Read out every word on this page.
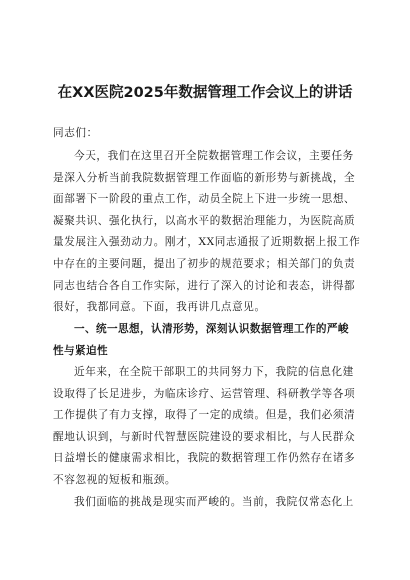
在XX医院2025年数据管理工作会议上的讲话
同志们：
今天，我们在这里召开全院数据管理工作会议，主要任务
是深入分析当前我院数据管理工作面临的新形势与新挑战，全
面部署下一阶段的重点工作，动员全院上下进一步统一思想、
凝聚共识、强化执行，以高水平的数据治理能力，为医院高质
量发展注入强劲动力。刚才，XX同志通报了近期数据上报工作
中存在的主要问题，提出了初步的规范要求；相关部门的负责
同志也结合各自工作实际，进行了深入的讨论和表态，讲得都
很好，我都同意。下面，我再讲几点意见。
一、统一思想，认清形势，深刻认识数据管理工作的严峻
性与紧迫性
近年来，在全院干部职工的共同努力下，我院的信息化建
设取得了长足进步，为临床诊疗、运营管理、科研教学等各项
工作提供了有力支撑，取得了一定的成绩。但是，我们必须清
醒地认识到，与新时代智慧医院建设的要求相比，与人民群众
日益增长的健康需求相比，我院的数据管理工作仍然存在诸多
不容忽视的短板和瓶颈。
我们面临的挑战是现实而严峻的。当前，我院仅常态化上
